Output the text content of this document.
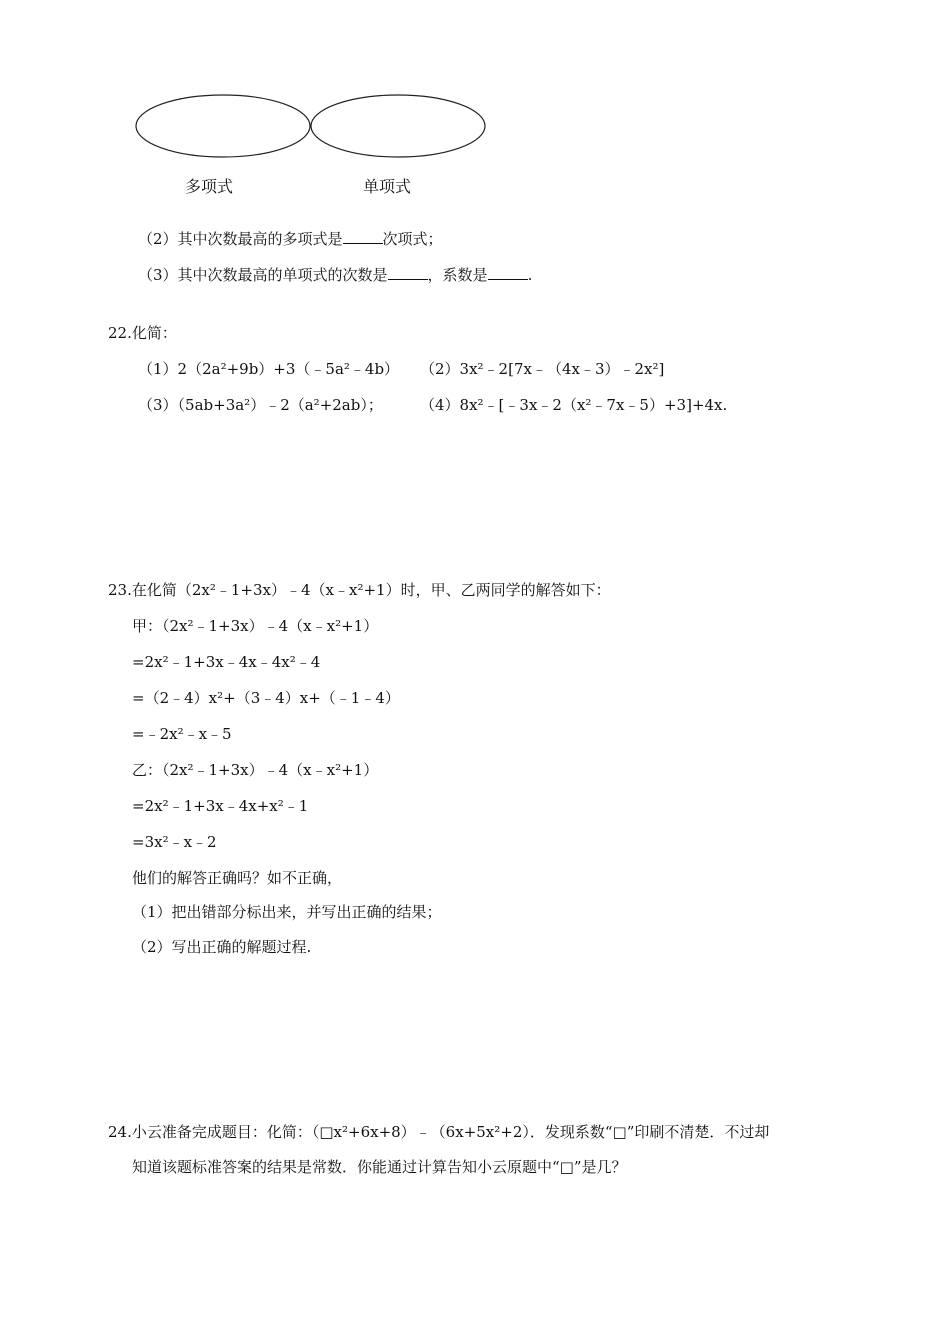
多项式	单项式
（2）其中次数最高的多项式是	次项式；
（3）其中次数最高的单项式的次数是	，系数是	.
22.化简：
（1）2（2a²+9b）+3（﹣5a²﹣4b） （2）3x²﹣2[7x﹣（4x﹣3）﹣2x²]
（3）（5ab+3a²）﹣2（a²+2ab）； （4）8x²﹣[﹣3x﹣2（x²﹣7x﹣5）+3]+4x.
23.在化简（2x²﹣1+3x）﹣4（x﹣x²+1）时，甲、乙两同学的解答如下：
甲：（2x²﹣1+3x）﹣4（x﹣x²+1）
=2x²﹣1+3x﹣4x﹣4x²﹣4
=（2﹣4）x²+（3﹣4）x+（﹣1﹣4）
=﹣2x²﹣x﹣5
乙：（2x²﹣1+3x）﹣4（x﹣x²+1）
=2x²﹣1+3x﹣4x+x²﹣1
=3x²﹣x﹣2
他们的解答正确吗？如不正确，
（1）把出错部分标出来，并写出正确的结果；
（2）写出正确的解题过程.
24.小云准备完成题目：化简：（□x²+6x+8）﹣（6x+5x²+2）．发现系数“□”印刷不清楚．不过却
知道该题标准答案的结果是常数．你能通过计算告知小云原题中“□”是几？
